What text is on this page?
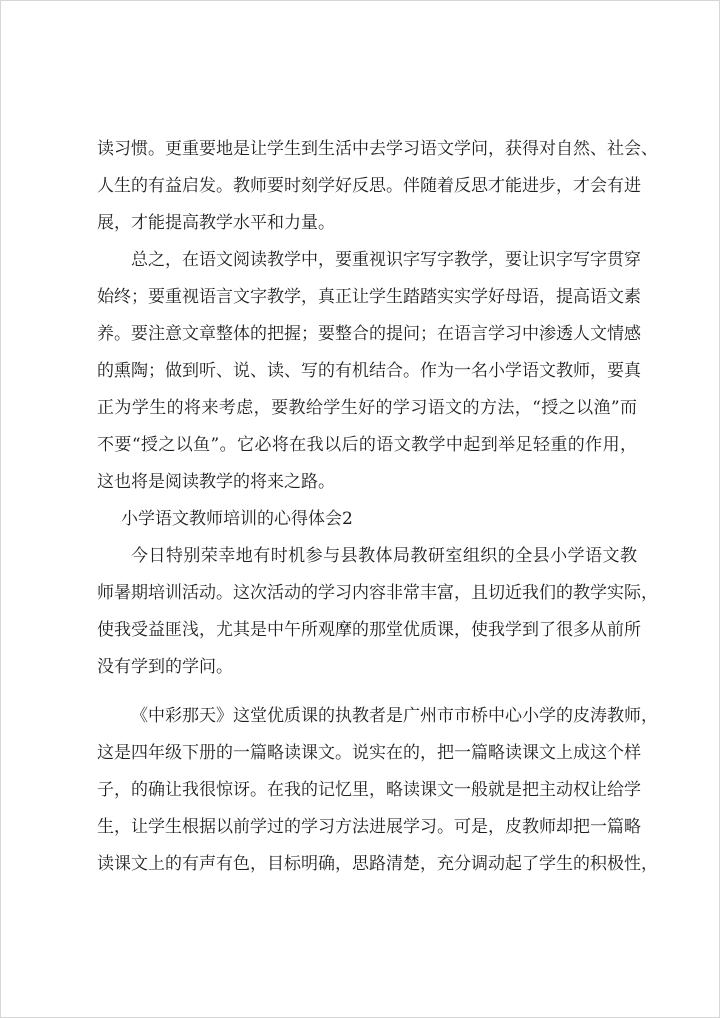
读习惯。更重要地是让学生到生活中去学习语文学问，获得对自然、社会、
人生的有益启发。教师要时刻学好反思。伴随着反思才能进步，才会有进
展，才能提高教学水平和力量。
总之，在语文阅读教学中，要重视识字写字教学，要让识字写字贯穿
始终；要重视语言文字教学，真正让学生踏踏实实学好母语，提高语文素
养。要注意文章整体的把握；要整合的提问；在语言学习中渗透人文情感
的熏陶；做到听、说、读、写的有机结合。作为一名小学语文教师，要真
正为学生的将来考虑，要教给学生好的学习语文的方法，“授之以渔”而
不要“授之以鱼”。它必将在我以后的语文教学中起到举足轻重的作用，
这也将是阅读教学的将来之路。
小学语文教师培训的心得体会2
今日特别荣幸地有时机参与县教体局教研室组织的全县小学语文教
师暑期培训活动。这次活动的学习内容非常丰富，且切近我们的教学实际，
使我受益匪浅，尤其是中午所观摩的那堂优质课，使我学到了很多从前所
没有学到的学问。
《中彩那天》这堂优质课的执教者是广州市市桥中心小学的皮涛教师，
这是四年级下册的一篇略读课文。说实在的，把一篇略读课文上成这个样
子，的确让我很惊讶。在我的记忆里，略读课文一般就是把主动权让给学
生，让学生根据以前学过的学习方法进展学习。可是，皮教师却把一篇略
读课文上的有声有色，目标明确，思路清楚，充分调动起了学生的积极性，
